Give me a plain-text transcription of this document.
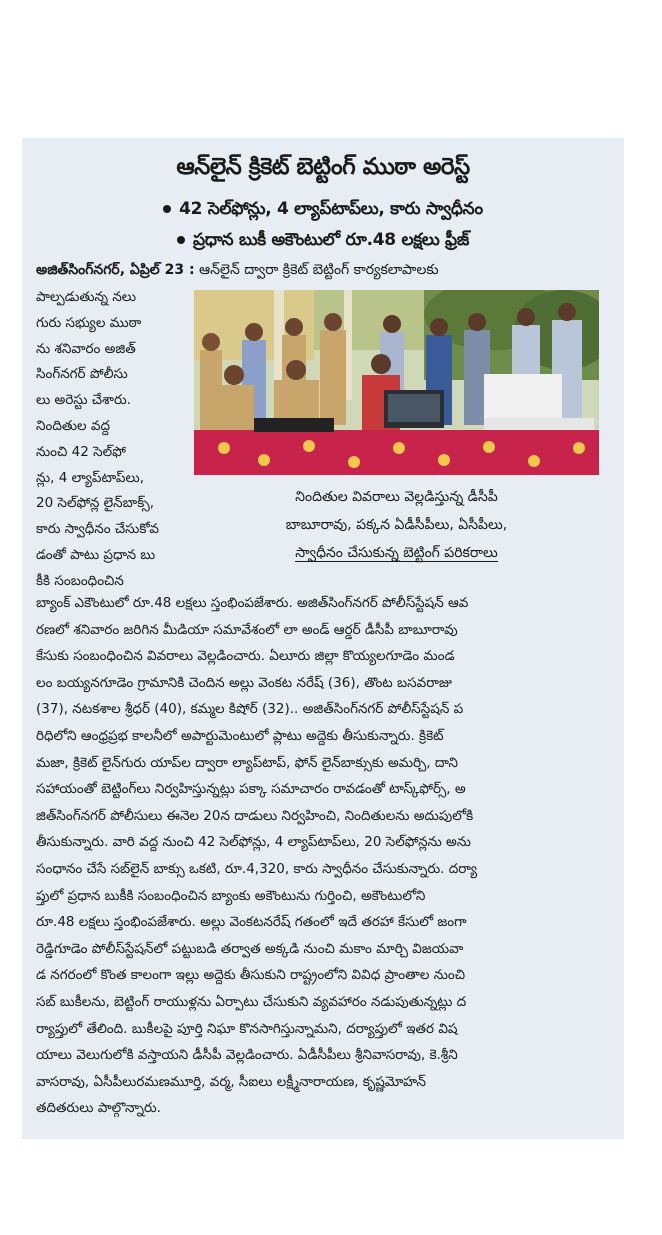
ఆన్‌లైన్ క్రికెట్ బెట్టింగ్ ముఠా అరెస్ట్
42 సెల్‌ఫోన్లు, 4 ల్యాప్‌టాప్‌లు, కారు స్వాధీనం
ప్రధాన బుకీ అకౌంటులో రూ.48 లక్షలు ఫ్రీజ్
అజిత్‌సింగ్‌నగర్, ఏప్రిల్ 23 : ఆన్‌లైన్ ద్వారా క్రికెట్ బెట్టింగ్ కార్యకలాపాలకు
పాల్పడుతున్న నలు
గురు సభ్యుల ముఠా
ను శనివారం అజిత్
సింగ్‌నగర్ పోలీసు
లు అరెస్టు చేశారు.
నిందితుల వద్ద
నుంచి 42 సెల్‌ఫో
న్లు, 4 ల్యాప్‌టాప్‌లు,
20 సెల్‌ఫోన్ల లైన్‌బాక్స్,
కారు స్వాధీనం చేసుకోవ
డంతో పాటు ప్రధాన బు
కీకి సంబంధించిన
నిందితుల వివరాలు వెల్లడిస్తున్న డీసీపీ
బాబూరావు, పక్కన ఏడీసీపీలు, ఏసీపీలు,
స్వాధీనం చేసుకున్న బెట్టింగ్ పరికరాలు
బ్యాంక్ ఎకౌంటులో రూ.48 లక్షలు స్తంభింపజేశారు. అజిత్‌సింగ్‌నగర్ పోలీస్‌స్టేషన్ ఆవ
రణలో శనివారం జరిగిన మీడియా సమావేశంలో లా అండ్ ఆర్డర్ డీసీపీ బాబూరావు
కేసుకు సంబంధించిన వివరాలు వెల్లడించారు. ఏలూరు జిల్లా కొయ్యలగూడెం మండ
లం బయ్యనగూడెం గ్రామానికి చెందిన అల్లు వెంకట నరేష్ (36), తొంట బసవరాజు
(37), నటకశాల శ్రీధర్ (40), కమ్మల కిషోర్ (32).. అజిత్‌సింగ్‌నగర్ పోలీస్‌స్టేషన్ ప
రిధిలోని ఆంధ్రప్రభ కాలనీలో అపార్టుమెంటులో ప్లాటు అద్దెకు తీసుకున్నారు. క్రికెట్
మజా, క్రికెట్ లైన్‌గురు యాప్‌ల ద్వారా ల్యాప్‌టాప్, ఫోన్ లైన్‌బాక్సుకు అమర్చి, దాని
సహాయంతో బెట్టింగ్‌లు నిర్వహిస్తున్నట్లు పక్కా సమాచారం రావడంతో టాస్క్‌ఫోర్స్, అ
జిత్‌సింగ్‌నగర్ పోలీసులు ఈనెల 20న దాడులు నిర్వహించి, నిందితులను అదుపులోకి
తీసుకున్నారు. వారి వద్ద నుంచి 42 సెల్‌ఫోన్లు, 4 ల్యాప్‌టాప్‌లు, 20 సెల్‌ఫోన్లను అను
సంధానం చేసే సబ్‌లైన్ బాక్సు ఒకటి, రూ.4,320, కారు స్వాధీనం చేసుకున్నారు. దర్యా
ప్తులో ప్రధాన బుకీకి సంబంధించిన బ్యాంకు అకౌంటును గుర్తించి, అకౌంటులోని
రూ.48 లక్షలు స్తంభింపజేశారు. అల్లు వెంకటనరేష్ గతంలో ఇదే తరహా కేసులో జంగా
రెడ్డిగూడెం పోలీస్‌స్టేషన్‌లో పట్టుబడి తర్వాత అక్కడి నుంచి మకాం మార్చి విజయవా
డ నగరంలో కొంత కాలంగా ఇల్లు అద్దెకు తీసుకుని రాష్ట్రంలోని వివిధ ప్రాంతాల నుంచి
సబ్ బుకీలను, బెట్టింగ్ రాయుళ్లను ఏర్పాటు చేసుకుని వ్యవహారం నడుపుతున్నట్లు ద
ర్యాప్తులో తేలింది. బుకీలపై పూర్తి నిఘా కొనసాగిస్తున్నామని, దర్యాప్తులో ఇతర విష
యాలు వెలుగులోకి వస్తాయని డీసీపీ వెల్లడించారు. ఏడీసీపీలు శ్రీనివాసరావు, కె.శ్రీని
వాసరావు, ఏసీపీలురమణమూర్తి, వర్మ, సీఐలు లక్ష్మీనారాయణ, కృష్ణమోహన్
తదితరులు పాల్గొన్నారు.
